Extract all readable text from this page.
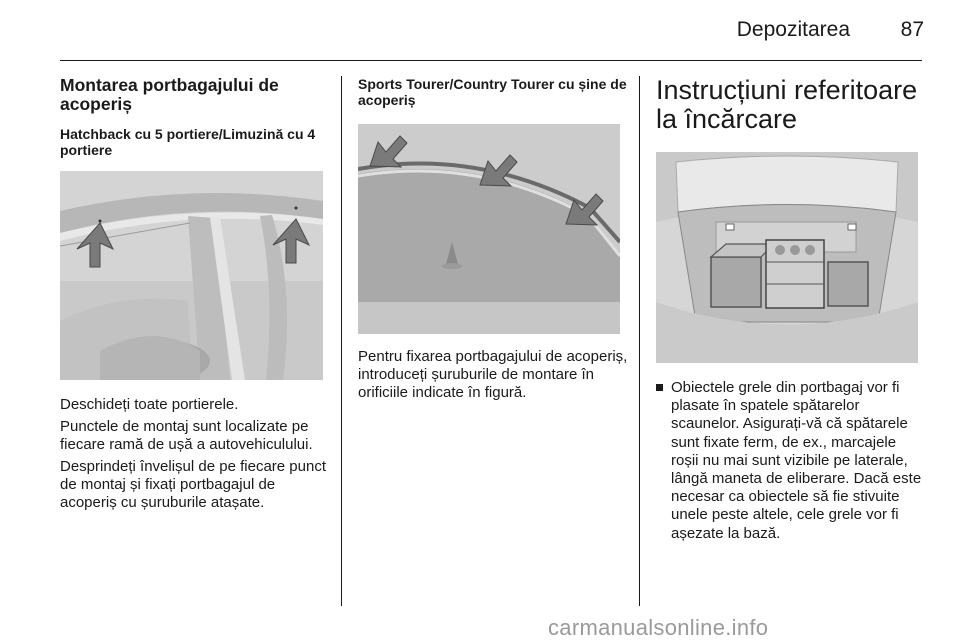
Depozitarea	87
Montarea portbagajului de acoperiș
Hatchback cu 5 portiere/Limuzină cu 4 portiere

Deschideți toate portierele.

Punctele de montaj sunt localizate pe fiecare ramă de ușă a autovehiculului.

Desprindeți învelișul de pe fiecare punct de montaj și fixați portbagajul de acoperiș cu șuruburile atașate.

Sports Tourer/Country Tourer cu șine de acoperiș

Pentru fixarea portbagajului de acoperiș, introduceți șuruburile de montare în orificiile indicate în figură.

Instrucțiuni referitoare la încărcare
Obiectele grele din portbagaj vor fi plasate în spatele spătarelor scaunelor. Asigurați-vă că spătarele sunt fixate ferm, de ex., marcajele roșii nu mai sunt vizibile pe laterale, lângă maneta de eliberare. Dacă este necesar ca obiectele să fie stivuite unele peste altele, cele grele vor fi așezate la bază.
carmanualsonline.info
